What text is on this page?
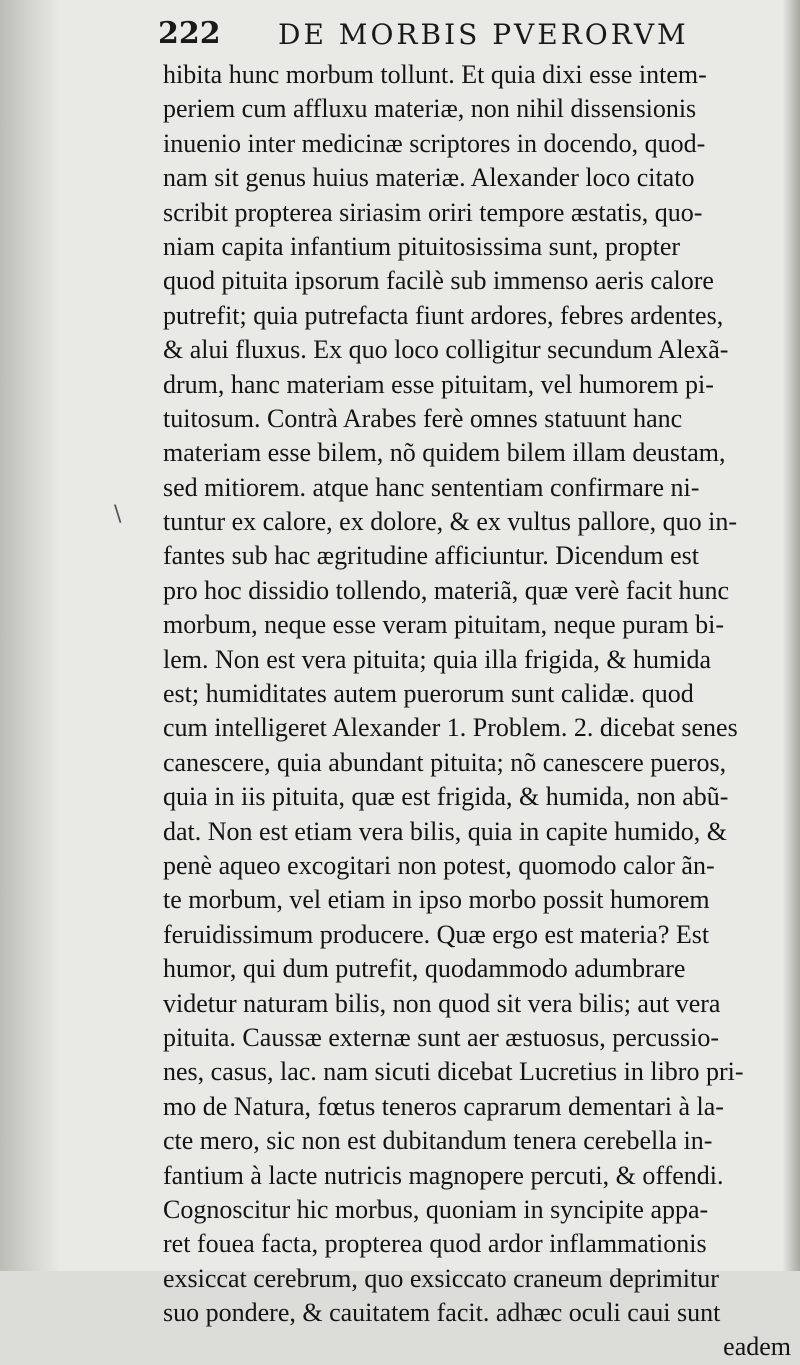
222 DE MORBIS PVERORVM
\
hibita hunc morbum tollunt. Et quia dixi esse intem-
periem cum affluxu materiæ, non nihil dissensionis
inuenio inter medicinæ scriptores in docendo, quod-
nam sit genus huius materiæ. Alexander loco citato
scribit propterea siriasim oriri tempore æstatis, quo-
niam capita infantium pituitosissima sunt, propter
quod pituita ipsorum facilè sub immenso aeris calore
putrefit; quia putrefacta fiunt ardores, febres ardentes,
& alui fluxus. Ex quo loco colligitur secundum Alexã-
drum, hanc materiam esse pituitam, vel humorem pi-
tuitosum. Contrà Arabes ferè omnes statuunt hanc
materiam esse bilem, nõ quidem bilem illam deustam,
sed mitiorem. atque hanc sententiam confirmare ni-
tuntur ex calore, ex dolore, & ex vultus pallore, quo in-
fantes sub hac ægritudine afficiuntur. Dicendum est
pro hoc dissidio tollendo, materiã, quæ verè facit hunc
morbum, neque esse veram pituitam, neque puram bi-
lem. Non est vera pituita; quia illa frigida, & humida
est; humiditates autem puerorum sunt calidæ. quod
cum intelligeret Alexander 1. Problem. 2. dicebat senes
canescere, quia abundant pituita; nõ canescere pueros,
quia in iis pituita, quæ est frigida, & humida, non abũ-
dat. Non est etiam vera bilis, quia in capite humido, &
penè aqueo excogitari non potest, quomodo calor ãn-
te morbum, vel etiam in ipso morbo possit humorem
feruidissimum producere. Quæ ergo est materia? Est
humor, qui dum putrefit, quodammodo adumbrare
videtur naturam bilis, non quod sit vera bilis; aut vera
pituita. Caussæ externæ sunt aer æstuosus, percussio-
nes, casus, lac. nam sicuti dicebat Lucretius in libro pri-
mo de Natura, fœtus teneros caprarum dementari à la-
cte mero, sic non est dubitandum tenera cerebella in-
fantium à lacte nutricis magnopere percuti, & offendi.
Cognoscitur hic morbus, quoniam in syncipite appa-
ret fouea facta, propterea quod ardor inflammationis
exsiccat cerebrum, quo exsiccato craneum deprimitur
suo pondere, & cauitatem facit. adhæc oculi caui sunt
eadem
